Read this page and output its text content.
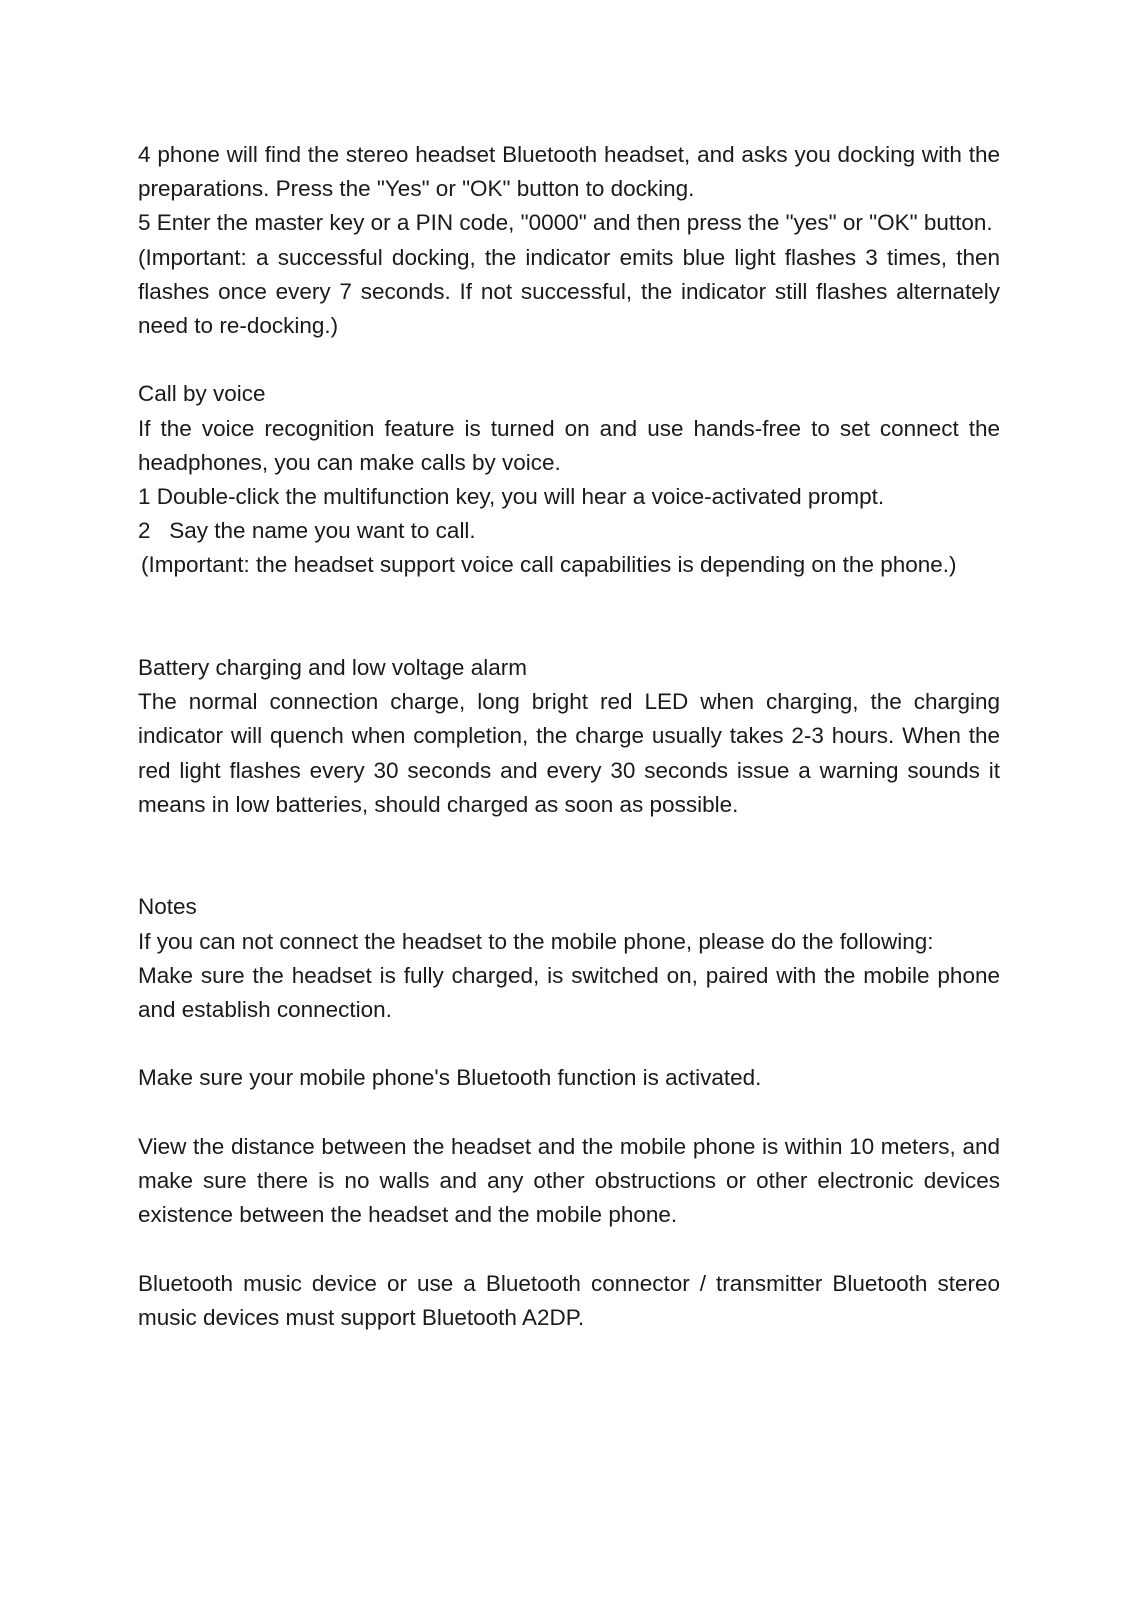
4 phone will find the stereo headset Bluetooth headset, and asks you docking with the preparations. Press the "Yes" or "OK" button to docking.

5 Enter the master key or a PIN code, "0000" and then press the "yes" or "OK" button.

(Important: a successful docking, the indicator emits blue light flashes 3 times, then flashes once every 7 seconds. If not successful, the indicator still flashes alternately need to re-docking.)

Call by voice

If the voice recognition feature is turned on and use hands-free to set connect the headphones, you can make calls by voice.

1 Double-click the multifunction key, you will hear a voice-activated prompt.

2   Say the name you want to call.

(Important: the headset support voice call capabilities is depending on the phone.)

Battery charging and low voltage alarm

The normal connection charge, long bright red LED when charging, the charging indicator will quench when completion, the charge usually takes 2-3 hours. When the red light flashes every 30 seconds and every 30 seconds issue a warning sounds it means in low batteries, should charged as soon as possible.

Notes

If you can not connect the headset to the mobile phone, please do the following:

Make sure the headset is fully charged, is switched on, paired with the mobile phone and establish connection.

Make sure your mobile phone's Bluetooth function is activated.

View the distance between the headset and the mobile phone is within 10 meters, and make sure there is no walls and any other obstructions or other electronic devices existence between the headset and the mobile phone.

Bluetooth music device or use a Bluetooth connector / transmitter Bluetooth stereo music devices must support Bluetooth A2DP.
